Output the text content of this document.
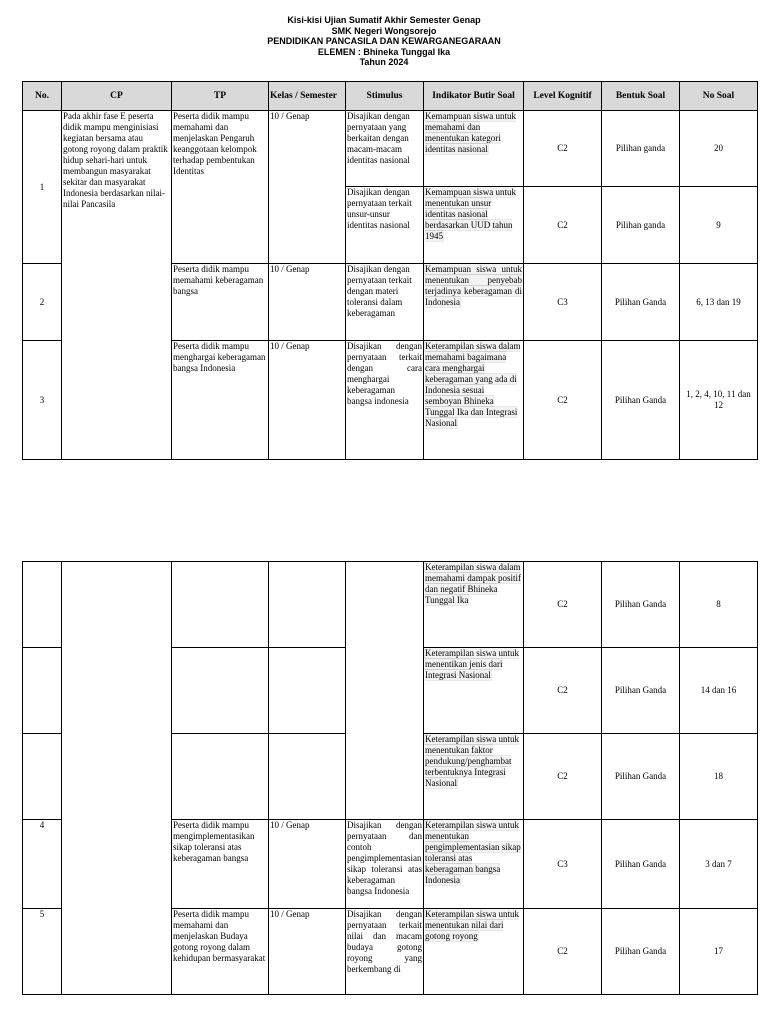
Kisi-kisi Ujian Sumatif Akhir Semester Genap
SMK Negeri Wongsorejo
PENDIDIKAN PANCASILA DAN KEWARGANEGARAAN
ELEMEN : Bhineka Tunggal Ika
Tahun 2024
No.	CP	TP	Kelas / Semester	Stimulus	Indikator Butir Soal	Level Kognitif	Bentuk Soal	No Soal
1	Pada akhir fase E peserta didik mampu menginisiasi kegiatan bersama atau gotong royong dalam praktik hidup sehari-hari untuk membangun masyarakat sekitar dan masyarakat Indonesia berdasarkan nilai-nilai Pancasila	Peserta didik mampu memahami dan menjelaskan Pengaruh keanggotaan kelompok terhadap pembentukan Identitas	10 / Genap	Disajikan dengan pernyataan yang berkaitan dengan macam-macam identitas nasional	Kemampuan siswa untuk memahami dan menentukan kategori identitas nasional	C2	Pilihan ganda	20
				Disajikan dengan pernyataan terkait unsur-unsur identitas nasional	Kemampuan siswa untuk menentukan unsur identitas nasional berdasarkan UUD tahun 1945	C2	Pilihan ganda	9
2		Peserta didik mampu memahami keberagaman bangsa	10 / Genap	Disajikan dengan pernyataan terkait dengan materi toleransi dalam keberagaman	Kemampuan siswa untuk menentukan penyebab terjadinya keberagaman di Indonesia	C3	Pilihan Ganda	6, 13 dan 19
3		Peserta didik mampu menghargai keberagaman bangsa Indonesia	10 / Genap	Disajikan dengan pernyataan terkait dengan cara menghargai keberagaman bangsa indonesia	Keterampilan siswa dalam memahami bagaimana cara menghargai keberagaman yang ada di Indonesia sesuai semboyan Bhineka Tunggal Ika dan Integrasi Nasional	C2	Pilihan Ganda	1, 2, 4, 10, 11 dan 12
					Keterampilan siswa dalam memahami dampak positif dan negatif Bhineka Tunggal Ika	C2	Pilihan Ganda	8
					Keterampilan siswa untuk menentikan jenis dari Integrasi Nasional	C2	Pilihan Ganda	14 dan 16
					Keterampilan siswa untuk menentukan faktor pendukung/penghambat terbentuknya Integrasi Nasional	C2	Pilihan Ganda	18
4		Peserta didik mampu mengimplementasikan sikap toleransi atas keberagaman bangsa	10 / Genap	Disajikan dengan pernyataan dan contoh pengimplementasian sikap toleransi atas keberagaman bangsa Indonesia	Keterampilan siswa untuk menentukan pengimplementasian sikap toleransi atas keberagaman bangsa Indonesia	C3	Pilihan Ganda	3 dan 7
5		Peserta didik mampu memahami dan menjelaskan Budaya gotong royong dalam kehidupan bermasyarakat	10 / Genap	Disajikan dengan pernyataan terkait nilai dan macam budaya gotong royong yang berkembang di	Keterampilan siswa untuk menentukan nilai dari gotong royong	C2	Pilihan Ganda	17
